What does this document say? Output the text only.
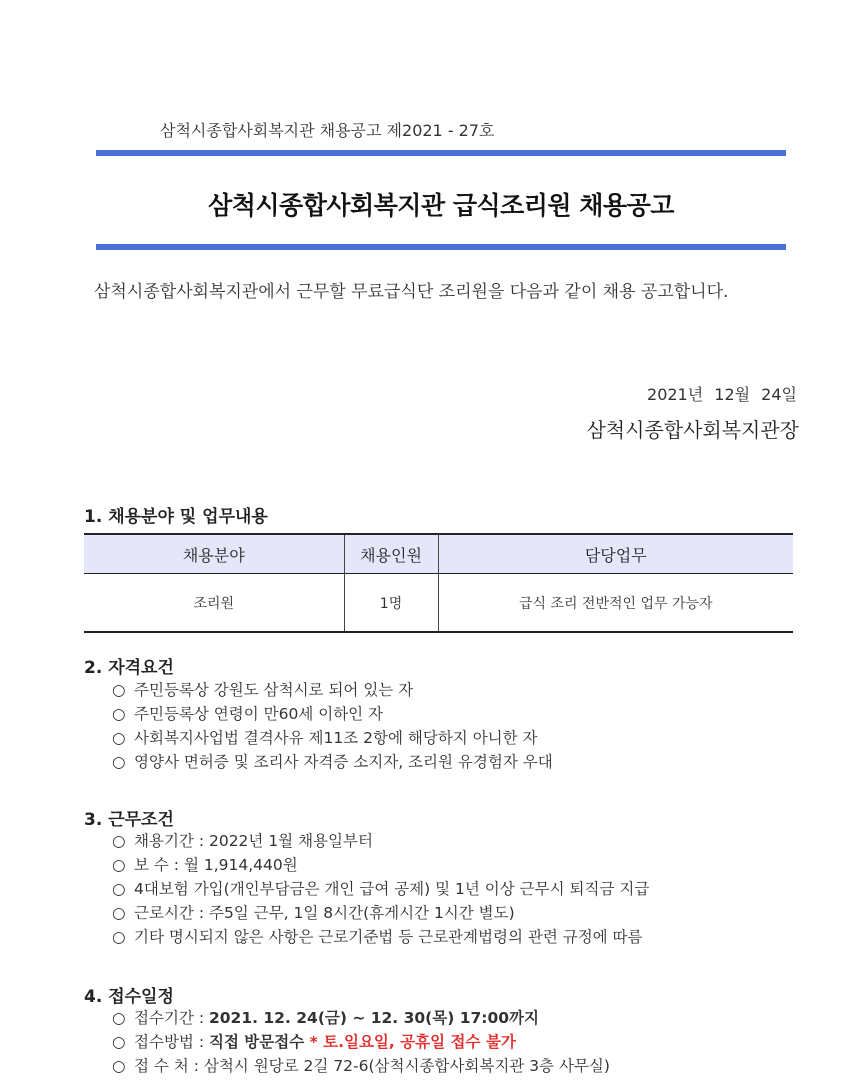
삼척시종합사회복지관 채용공고 제2021 - 27호
삼척시종합사회복지관 급식조리원 채용공고
삼척시종합사회복지관에서 근무할 무료급식단 조리원을 다음과 같이 채용 공고합니다.
2021년 12월 24일
삼척시종합사회복지관장
1. 채용분야 및 업무내용
채용분야	채용인원	담당업무
조리원	1명	급식 조리 전반적인 업무 가능자
2. 자격요건
○ 주민등록상 강원도 삼척시로 되어 있는 자
○ 주민등록상 연령이 만60세 이하인 자
○ 사회복지사업법 결격사유 제11조 2항에 해당하지 아니한 자
○ 영양사 면허증 및 조리사 자격증 소지자, 조리원 유경험자 우대
3. 근무조건
○ 채용기간 : 2022년 1월 채용일부터
○ 보 수 : 월 1,914,440원
○ 4대보험 가입(개인부담금은 개인 급여 공제) 및 1년 이상 근무시 퇴직금 지급
○ 근로시간 : 주5일 근무, 1일 8시간(휴게시간 1시간 별도)
○ 기타 명시되지 않은 사항은 근로기준법 등 근로관계법령의 관련 규정에 따름
4. 접수일정
○ 접수기간 : 2021. 12. 24(금) ~ 12. 30(목) 17:00까지
○ 접수방법 : 직접 방문접수 * 토.일요일, 공휴일 접수 불가
○ 접 수 처 : 삼척시 원당로 2길 72-6(삼척시종합사회복지관 3층 사무실)
